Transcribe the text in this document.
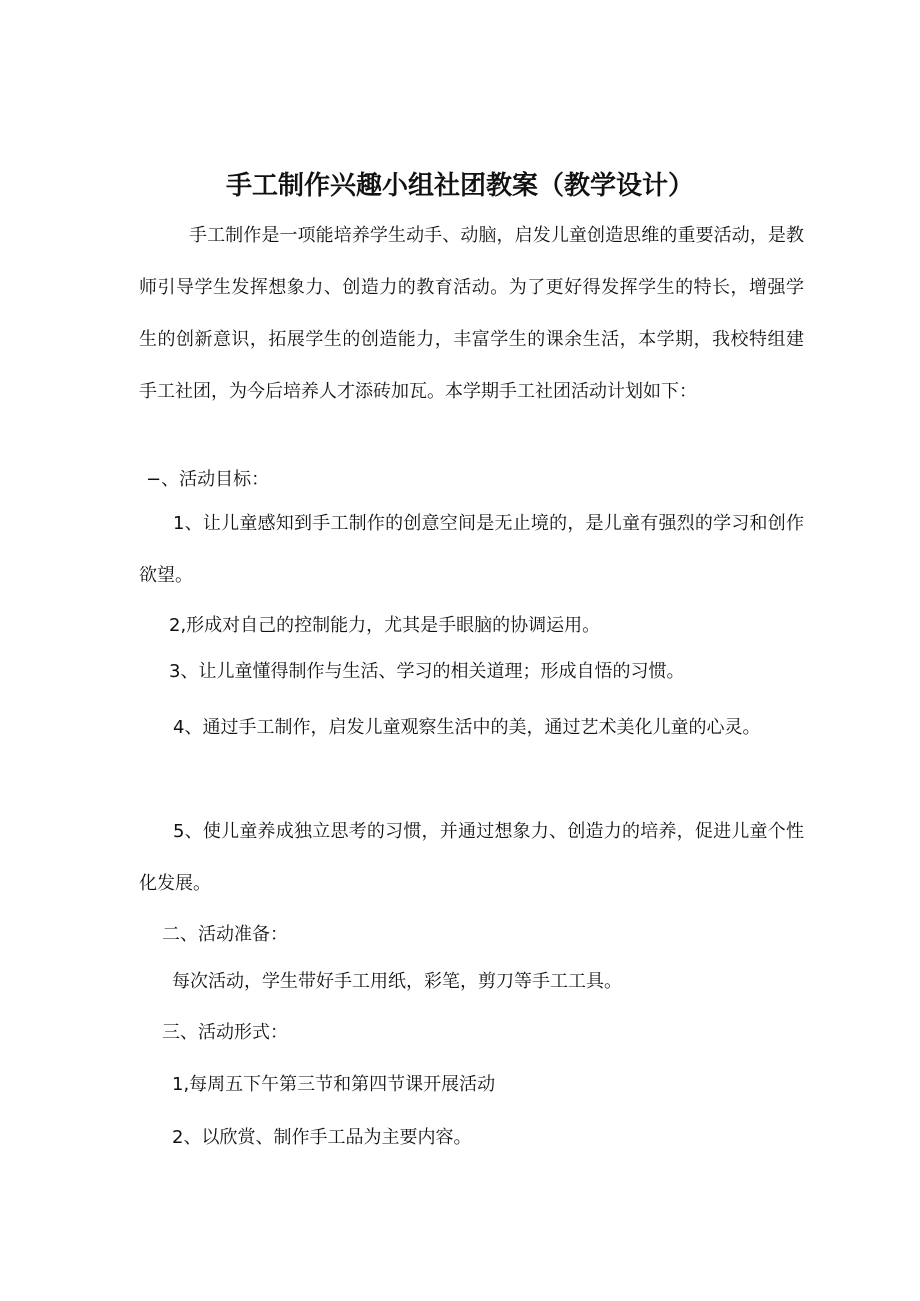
手工制作兴趣小组社团教案（教学设计）
手工制作是一项能培养学生动手、动脑，启发儿童创造思维的重要活动，是教师引导学生发挥想象力、创造力的教育活动。为了更好得发挥学生的特长，增强学生的创新意识，拓展学生的创造能力，丰富学生的课余生活，本学期，我校特组建手工社团，为今后培养人才添砖加瓦。本学期手工社团活动计划如下：
−、活动目标：
1、让儿童感知到手工制作的创意空间是无止境的，是儿童有强烈的学习和创作欲望。
2,形成对自己的控制能力，尤其是手眼脑的协调运用。
3、让儿童懂得制作与生活、学习的相关道理；形成自悟的习惯。
4、通过手工制作，启发儿童观察生活中的美，通过艺术美化儿童的心灵。
5、使儿童养成独立思考的习惯，并通过想象力、创造力的培养，促进儿童个性化发展。
二、活动准备：
每次活动，学生带好手工用纸，彩笔，剪刀等手工工具。
三、活动形式：
1,每周五下午第三节和第四节课开展活动
2、以欣赏、制作手工品为主要内容。
